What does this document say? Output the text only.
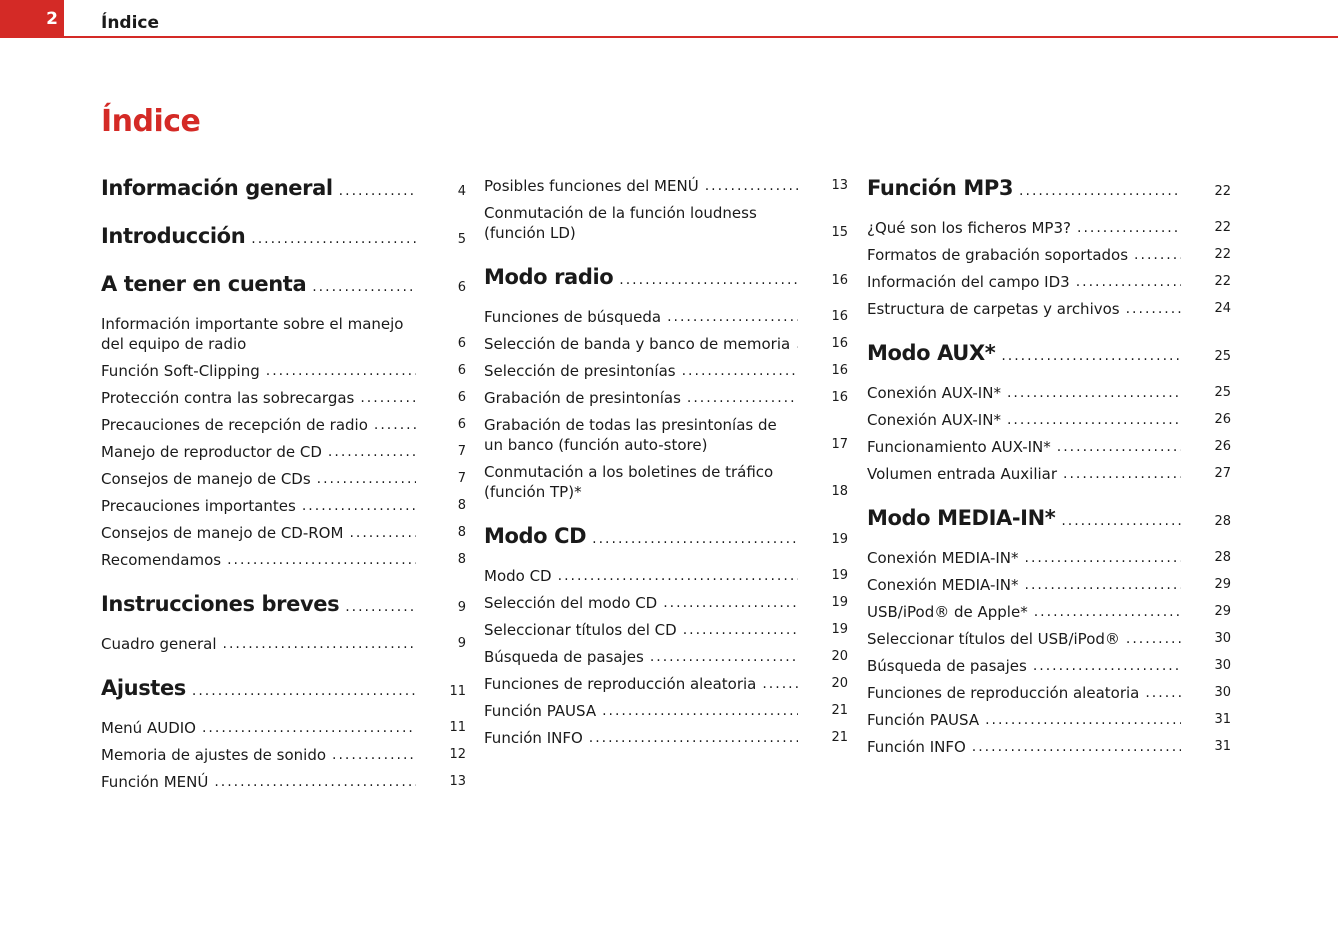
2	Índice
Índice
Información general .....	4
Introducción .....	5
A tener en cuenta .....	6
Información importante sobre el manejo del equipo de radio	6
Función Soft-Clipping .....	6
Protección contra las sobrecargas .....	6
Precauciones de recepción de radio .....	6
Manejo de reproductor de CD .....	7
Consejos de manejo de CDs .....	7
Precauciones importantes .....	8
Consejos de manejo de CD-ROM .....	8
Recomendamos .....	8
Instrucciones breves .....	9
Cuadro general .....	9
Ajustes .....	11
Menú AUDIO .....	11
Memoria de ajustes de sonido .....	12
Función MENÚ .....	13
Posibles funciones del MENÚ .....	13
Conmutación de la función loudness (función LD)	15
Modo radio .....	16
Funciones de búsqueda .....	16
Selección de banda y banco de memoria .....	16
Selección de presintonías .....	16
Grabación de presintonías .....	16
Grabación de todas las presintonías de un banco (función auto-store)	17
Conmutación a los boletines de tráfico (función TP)*	18
Modo CD .....	19
Modo CD .....	19
Selección del modo CD .....	19
Seleccionar títulos del CD .....	19
Búsqueda de pasajes .....	20
Funciones de reproducción aleatoria .....	20
Función PAUSA .....	21
Función INFO .....	21
Función MP3 .....	22
¿Qué son los ficheros MP3? .....	22
Formatos de grabación soportados .....	22
Información del campo ID3 .....	22
Estructura de carpetas y archivos .....	24
Modo AUX* .....	25
Conexión AUX-IN* .....	25
Conexión AUX-IN* .....	26
Funcionamiento AUX-IN* .....	26
Volumen entrada Auxiliar .....	27
Modo MEDIA-IN* .....	28
Conexión MEDIA-IN* .....	28
Conexión MEDIA-IN* .....	29
USB/iPod® de Apple* .....	29
Seleccionar títulos del USB/iPod® .....	30
Búsqueda de pasajes .....	30
Funciones de reproducción aleatoria .....	30
Función PAUSA .....	31
Función INFO .....	31
